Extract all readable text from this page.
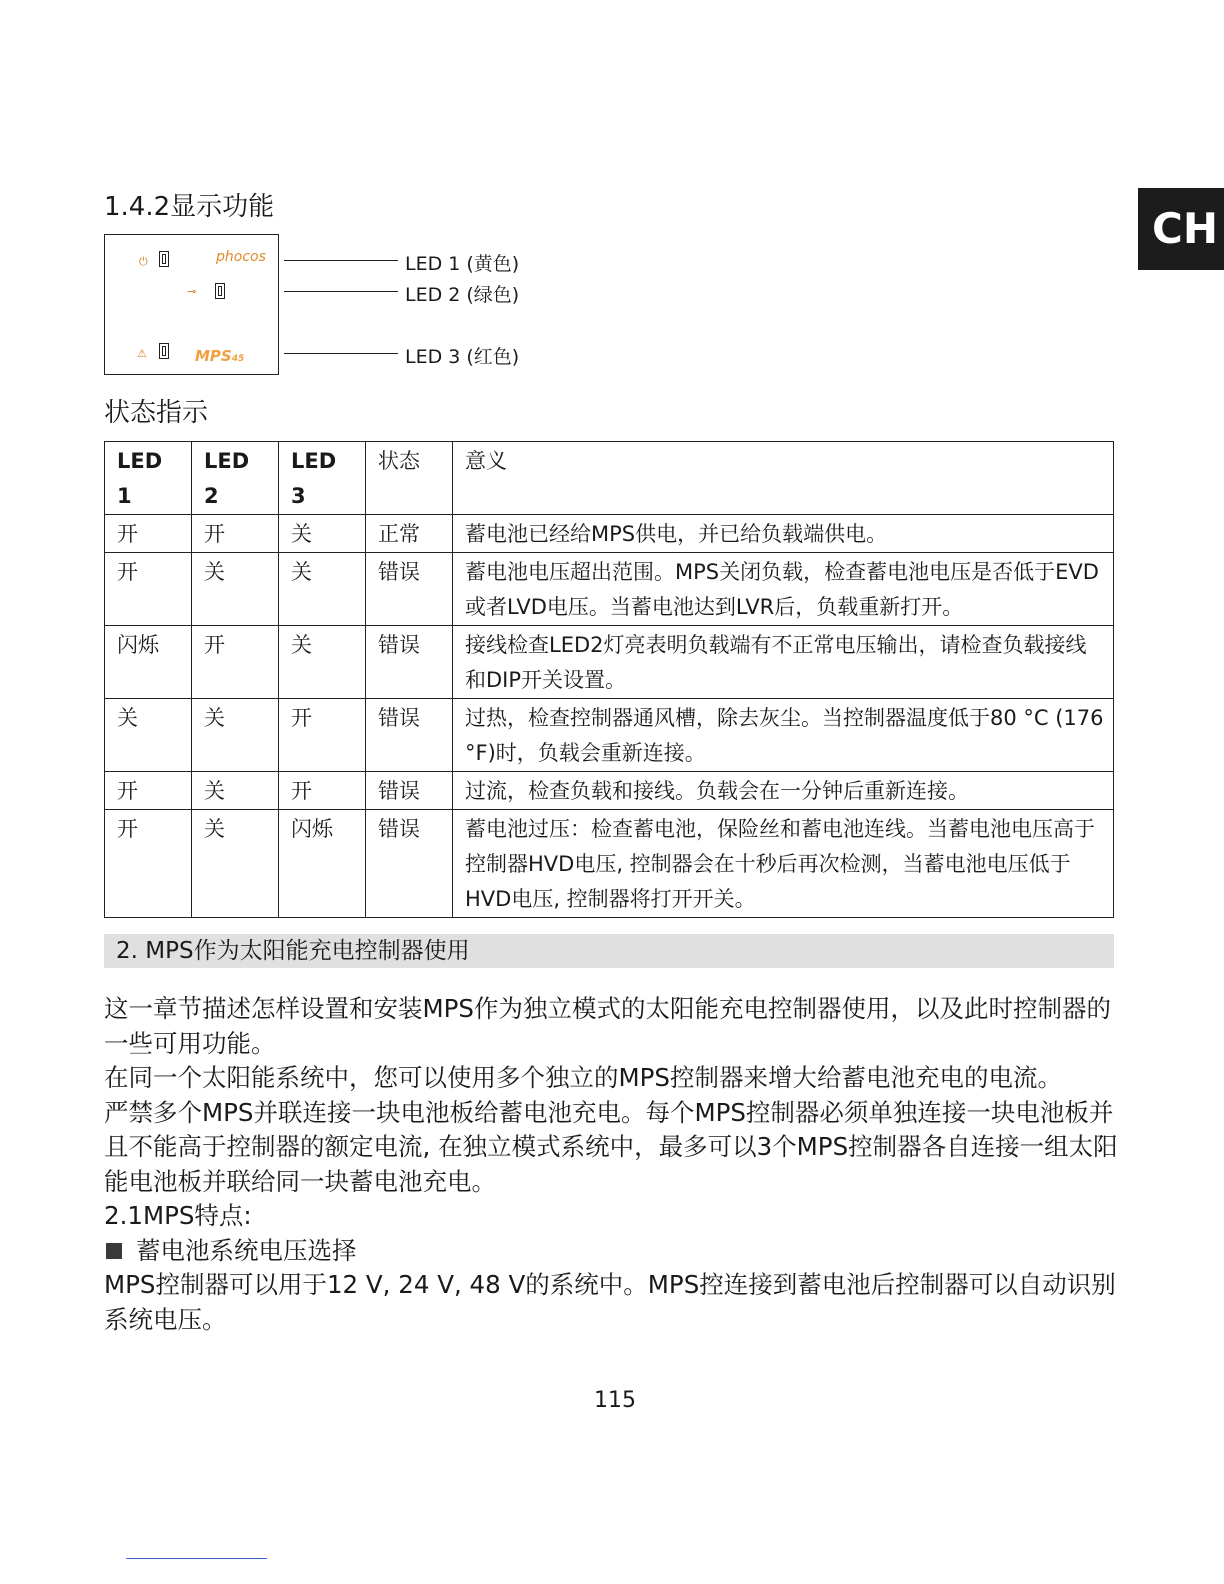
1.4.2显示功能	CH
⏻	phocos
⊸
⚠	MPS45
LED 1 (黄色)
LED 2 (绿色)
LED 3 (红色)
状态指示
LED 1	LED 2	LED 3	状态	意义
开	开	关	正常	蓄电池已经给MPS供电，并已给负载端供电。
开	关	关	错误	蓄电池电压超出范围。MPS关闭负载，检查蓄电池电压是否低于EVD或者LVD电压。当蓄电池达到LVR后，负载重新打开。
闪烁	开	关	错误	接线检查LED2灯亮表明负载端有不正常电压输出，请检查负载接线和DIP开关设置。
关	关	开	错误	过热，检查控制器通风槽，除去灰尘。当控制器温度低于80 °C (176 °F)时，负载会重新连接。
开	关	开	错误	过流，检查负载和接线。负载会在一分钟后重新连接。
开	关	闪烁	错误	蓄电池过压：检查蓄电池，保险丝和蓄电池连线。当蓄电池电压高于控制器HVD电压, 控制器会在十秒后再次检测，当蓄电池电压低于HVD电压, 控制器将打开开关。
2. MPS作为太阳能充电控制器使用

这一章节描述怎样设置和安装MPS作为独立模式的太阳能充电控制器使用，以及此时控制器的一些可用功能。

在同一个太阳能系统中，您可以使用多个独立的MPS控制器来增大给蓄电池充电的电流。

严禁多个MPS并联连接一块电池板给蓄电池充电。每个MPS控制器必须单独连接一块电池板并且不能高于控制器的额定电流, 在独立模式系统中，最多可以3个MPS控制器各自连接一组太阳能电池板并联给同一块蓄电池充电。

2.1MPS特点:

蓄电池系统电压选择

MPS控制器可以用于12 V, 24 V, 48 V的系统中。MPS控连接到蓄电池后控制器可以自动识别系统电压。

115
